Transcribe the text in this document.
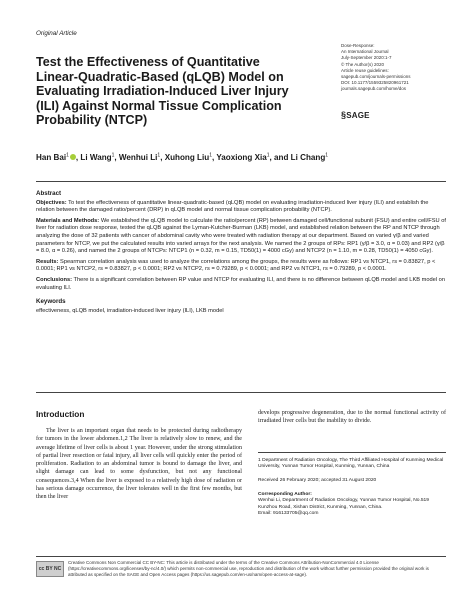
Original Article
Test the Effectiveness of Quantitative Linear-Quadratic-Based (qLQB) Model on Evaluating Irradiation-Induced Liver Injury (ILI) Against Normal Tissue Complication Probability (NTCP)
Dose-Response:
An International Journal
July-September 2020:1-7
© The Author(s) 2020
Article reuse guidelines:
sagepub.com/journals-permissions
DOI: 10.1177/1559325820961721
journals.sagepub.com/home/dos
§SAGE
Han Bai$^1$ , Li Wang$^1$, Wenhui Li$^1$, Xuhong Liu$^1$, Yaoxiong Xia$^1$, and Li Chang$^1$
Abstract

Objectives: To test the effectiveness of quantitative linear-quadratic-based (qLQB) model on evaluating irradiation-induced liver injury (ILI) and establish the relation between the damaged ratio/percent (DRP) in qLQB model and normal tissue complication probability (NTCP).

Materials and Methods: We established the qLQB model to calculate the ratio/percent (RP) between damaged cell/functional subunit (FSU) and entire cell/FSU of liver for radiation dose response, tested the qLQB against the Lyman-Kutcher-Burman (LKB) model, and established relation between the RP and NTCP through analyzing the dose of 32 patients with cancer of abdominal cavity who were treated with radiation therapy at our department. Based on varied γ/β and varied parameters for NTCP, we put the calculated results into varied arrays for the next analysis. We named the 2 groups of RPs: RP1 (γ/β = 3.0, α = 0.03) and RP2 (γ/β = 8.0, α = 0.26), and named the 2 groups of NTCPs: NTCP1 (n = 0.32, m = 0.15, TD50(1) = 4000 cGy) and NTCP2 (n = 1.10, m = 0.28, TD50(1) = 4050 cGy).

Results: Spearman correlation analysis was used to analyze the correlations among the groups, the results were as follows: RP1 vs NTCP1, rs = 0.83827, p < 0.0001; RP1 vs NTCP2, rs = 0.83827, p < 0.0001; RP2 vs NTCP2, rs = 0.79289, p < 0.0001; and RP2 vs NTCP1, rs = 0.79289, p < 0.0001.

Conclusions: There is a significant correlation between RP value and NTCP for evaluating ILI, and there is no difference between qLQB model and LKB model on evaluating ILI.

Keywords

effectiveness, qLQB model, irradiation-induced liver injury (ILI), LKB model

Introduction
The liver is an important organ that needs to be protected during radiotherapy for tumors in the lower abdomen.1,2 The liver is relatively slow to renew, and the average lifetime of liver cells is about 1 year. However, under the strong stimulation of partial liver resection or fatal injury, all liver cells will quickly enter the period of proliferation. Radiation to an abdominal tumor is bound to damage the liver, and slight damage can lead to some dysfunction, but not any functional consequences.3,4 When the liver is exposed to a relatively high dose of radiation or has serious damage occurrence, the liver tolerates well in the first few months, but then the liver
develops progressive degeneration, due to the normal functional activity of irradiated liver cells but the inability to divide.
1 Department of Radiation Oncology, The Third Affiliated Hospital of Kunming Medical University, Yunnan Tumor Hospital, Kunming, Yunnan, China
Received 26 February 2020; accepted 31 August 2020
Corresponding Author:
Wenhui Li, Department of Radiation Oncology, Yunnan Tumor Hospital, No.519 Kunzhou Road, Xishan District, Kunming, Yunnan, China.
Email: 916133705@qq.com
cc BY NC
Creative Commons Non Commercial CC BY-NC: This article is distributed under the terms of the Creative Commons Attribution-NonCommercial 4.0 License (https://creativecommons.org/licenses/by-nc/4.0/) which permits non-commercial use, reproduction and distribution of the work without further permission provided the original work is attributed as specified on the SAGE and Open Access pages (https://us.sagepub.com/en-us/nam/open-access-at-sage).
